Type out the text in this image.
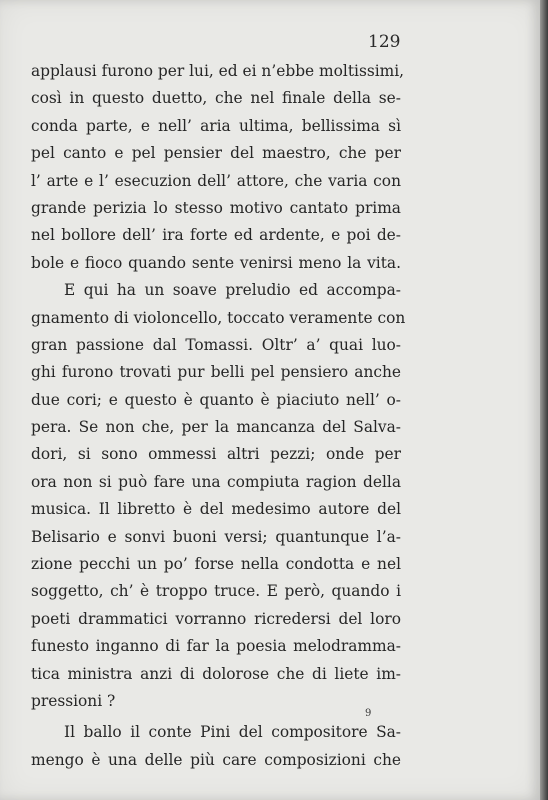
129
applausi furono per lui, ed ei n’ebbe moltissimi,
così in questo duetto, che nel finale della se-
conda parte, e nell’ aria ultima, bellissima sì
pel canto e pel pensier del maestro, che per
l’ arte e l’ esecuzion dell’ attore, che varia con
grande perizia lo stesso motivo cantato prima
nel bollore dell’ ira forte ed ardente, e poi de-
bole e fioco quando sente venirsi meno la vita.
E qui ha un soave preludio ed accompa-
gnamento di violoncello, toccato veramente con
gran passione dal Tomassi. Oltr’ a’ quai luo-
ghi furono trovati pur belli pel pensiero anche
due cori; e questo è quanto è piaciuto nell’ o-
pera. Se non che, per la mancanza del Salva-
dori, si sono ommessi altri pezzi; onde per
ora non si può fare una compiuta ragion della
musica. Il libretto è del medesimo autore del
Belisario e sonvi buoni versi; quantunque l’a-
zione pecchi un po’ forse nella condotta e nel
soggetto, ch’ è troppo truce. E però, quando i
poeti drammatici vorranno ricredersi del loro
funesto inganno di far la poesia melodramma-
tica ministra anzi di dolorose che di liete im-
pressioni ?
Il ballo il conte Pini del compositore Sa-
mengo è una delle più care composizioni che
9
